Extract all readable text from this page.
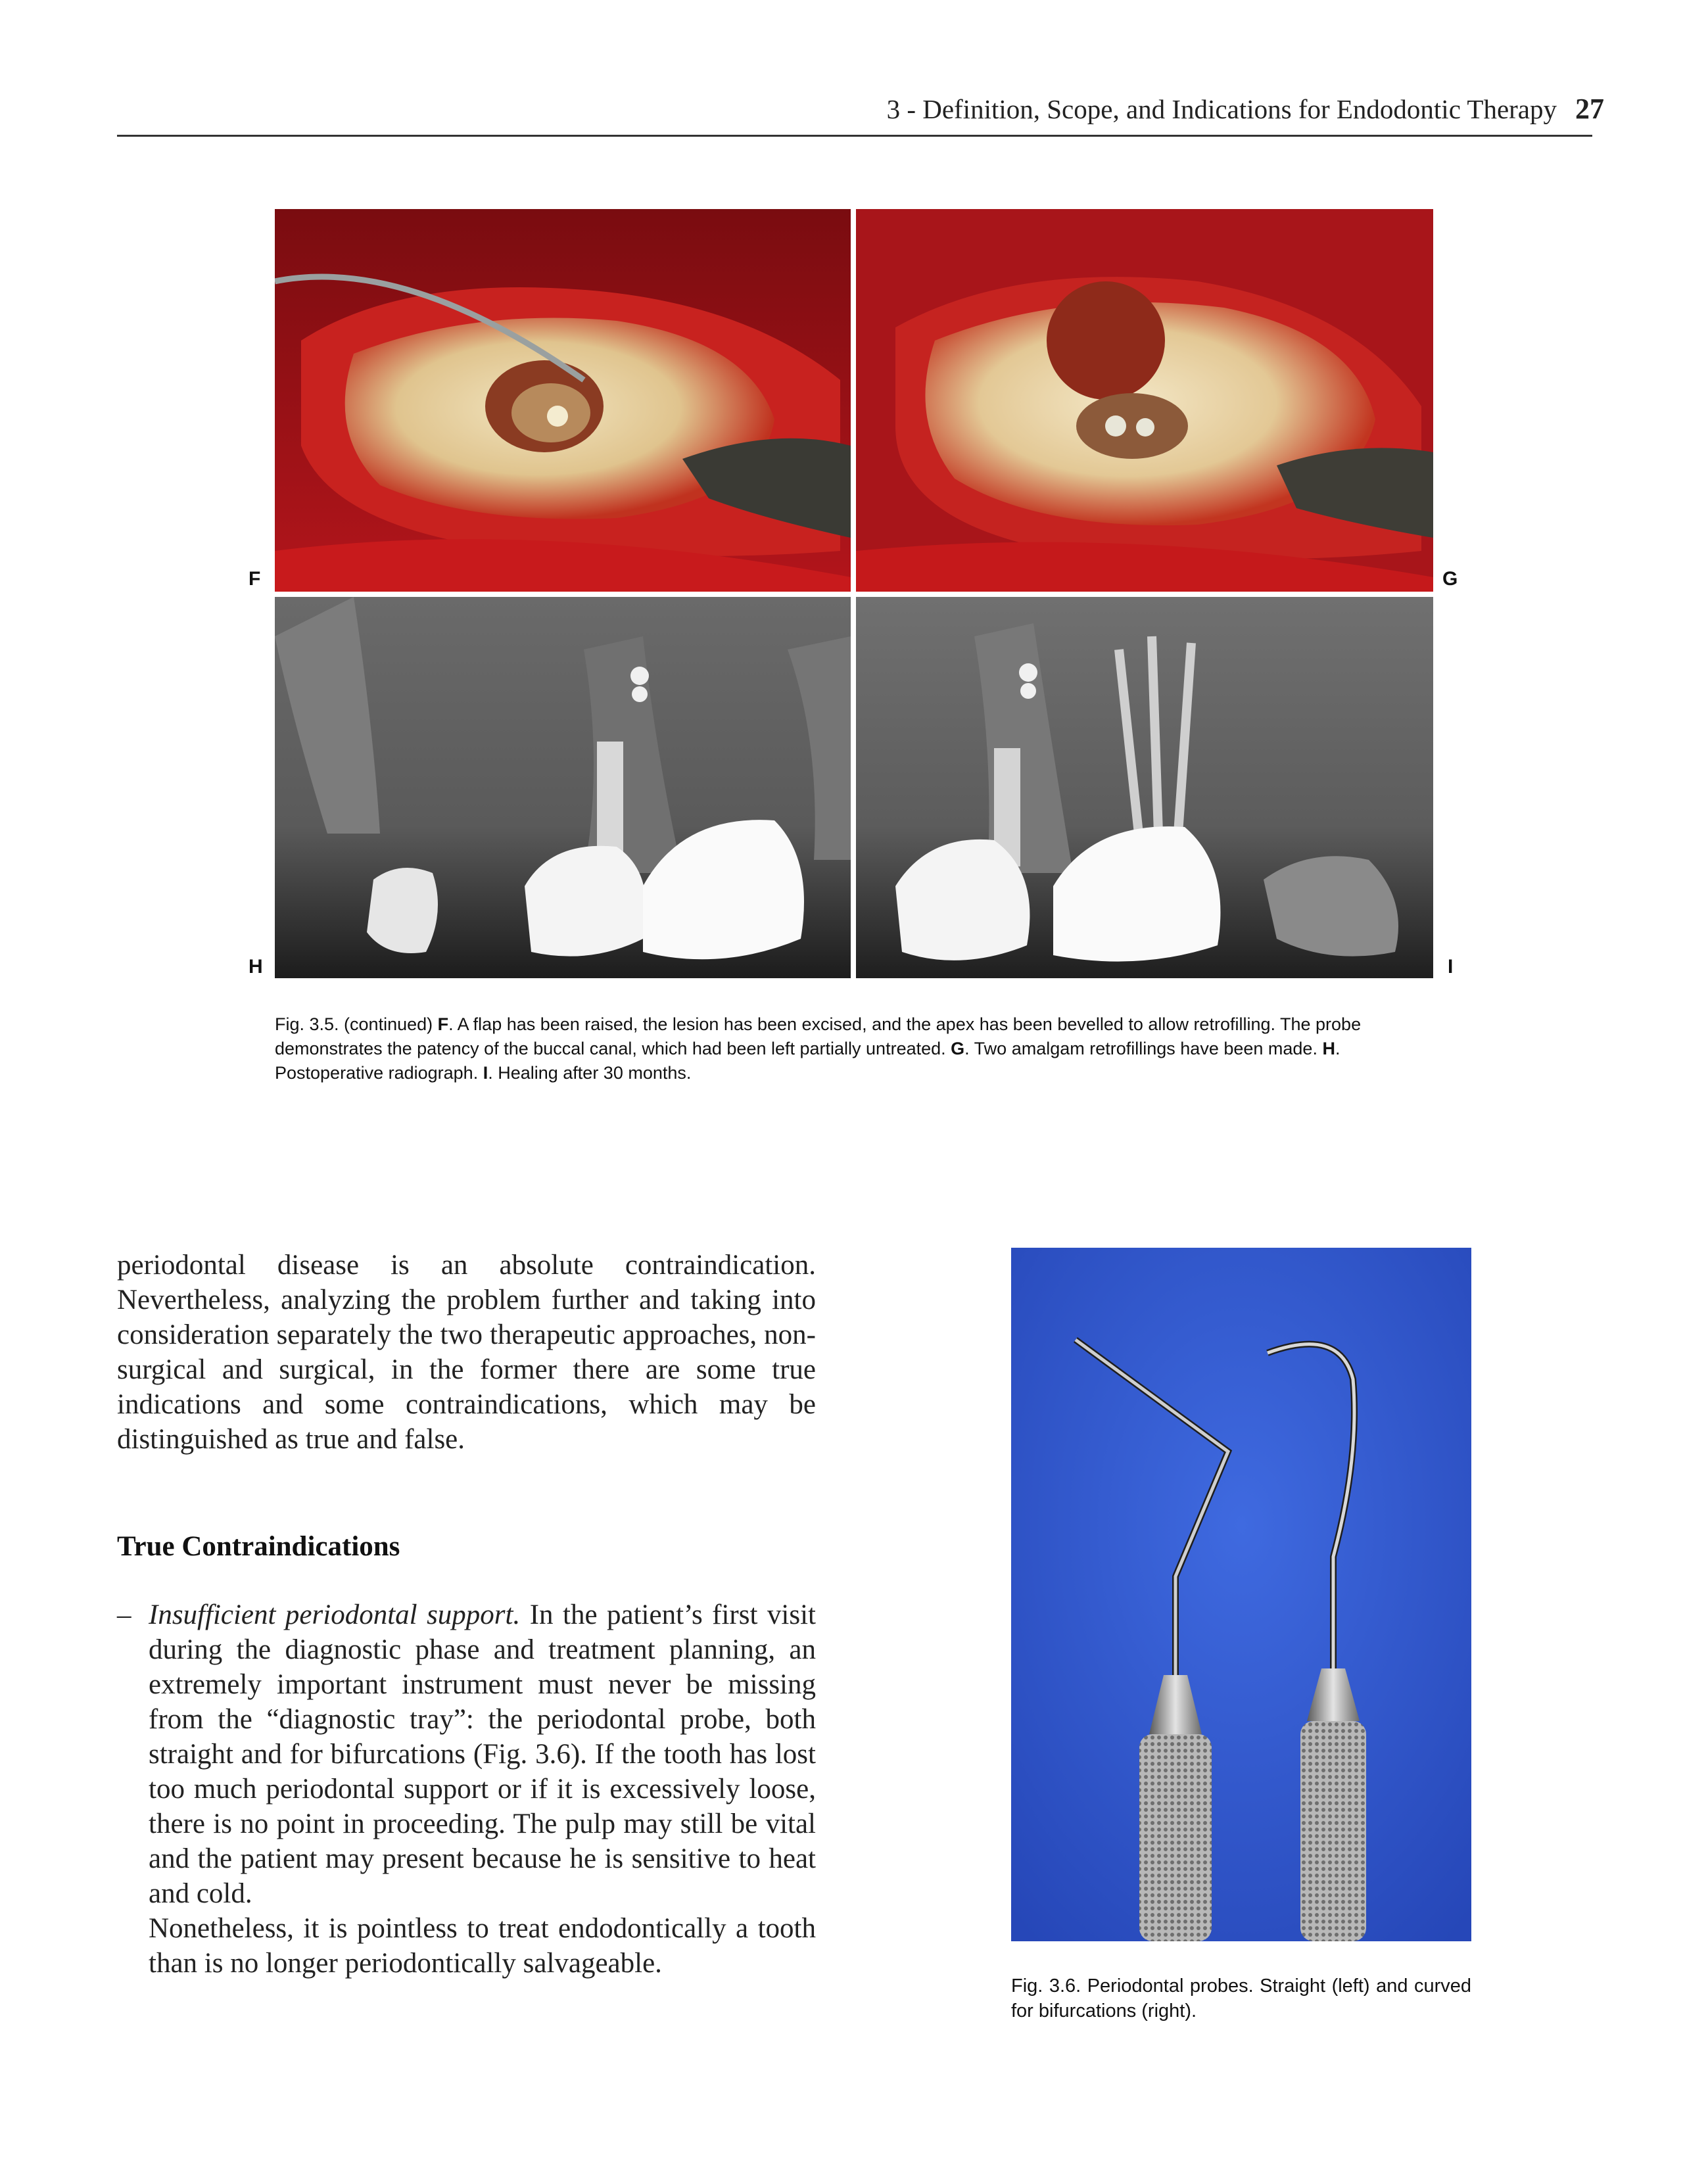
3 - Definition, Scope, and Indications for Endodontic Therapy 27
F	G
H	I
Fig. 3.5. (continued) F. A flap has been raised, the lesion has been excised, and the apex has been bevelled to allow retrofilling. The probe demonstrates the patency of the buccal canal, which had been left partially untreated. G. Two amalgam retrofillings have been made. H. Postoperative radiograph. I. Healing after 30 months.
periodontal disease is an absolute contraindication. Nevertheless, analyzing the problem further and taking into consideration separately the two therapeutic approaches, non-surgical and surgical, in the former there are some true indications and some contraindications, which may be distinguished as true and false.
True Contraindications
– Insufficient periodontal support. In the patient’s first visit during the diagnostic phase and treatment planning, an extremely important instrument must never be missing from the “diagnostic tray”: the periodontal probe, both straight and for bifurcations (Fig. 3.6). If the tooth has lost too much periodontal support or if it is excessively loose, there is no point in proceeding. The pulp may still be vital and the patient may present because he is sensitive to heat and cold.

Nonetheless, it is pointless to treat endodontically a tooth than is no longer periodontically salvageable.

Fig. 3.6. Periodontal probes. Straight (left) and curved for bifurcations (right).
